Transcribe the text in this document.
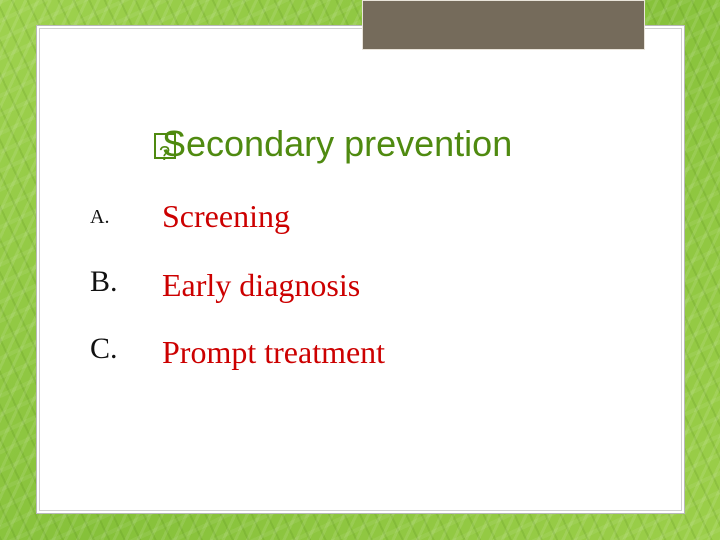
?Secondary prevention
A. Screening
B. Early diagnosis
C. Prompt treatment
